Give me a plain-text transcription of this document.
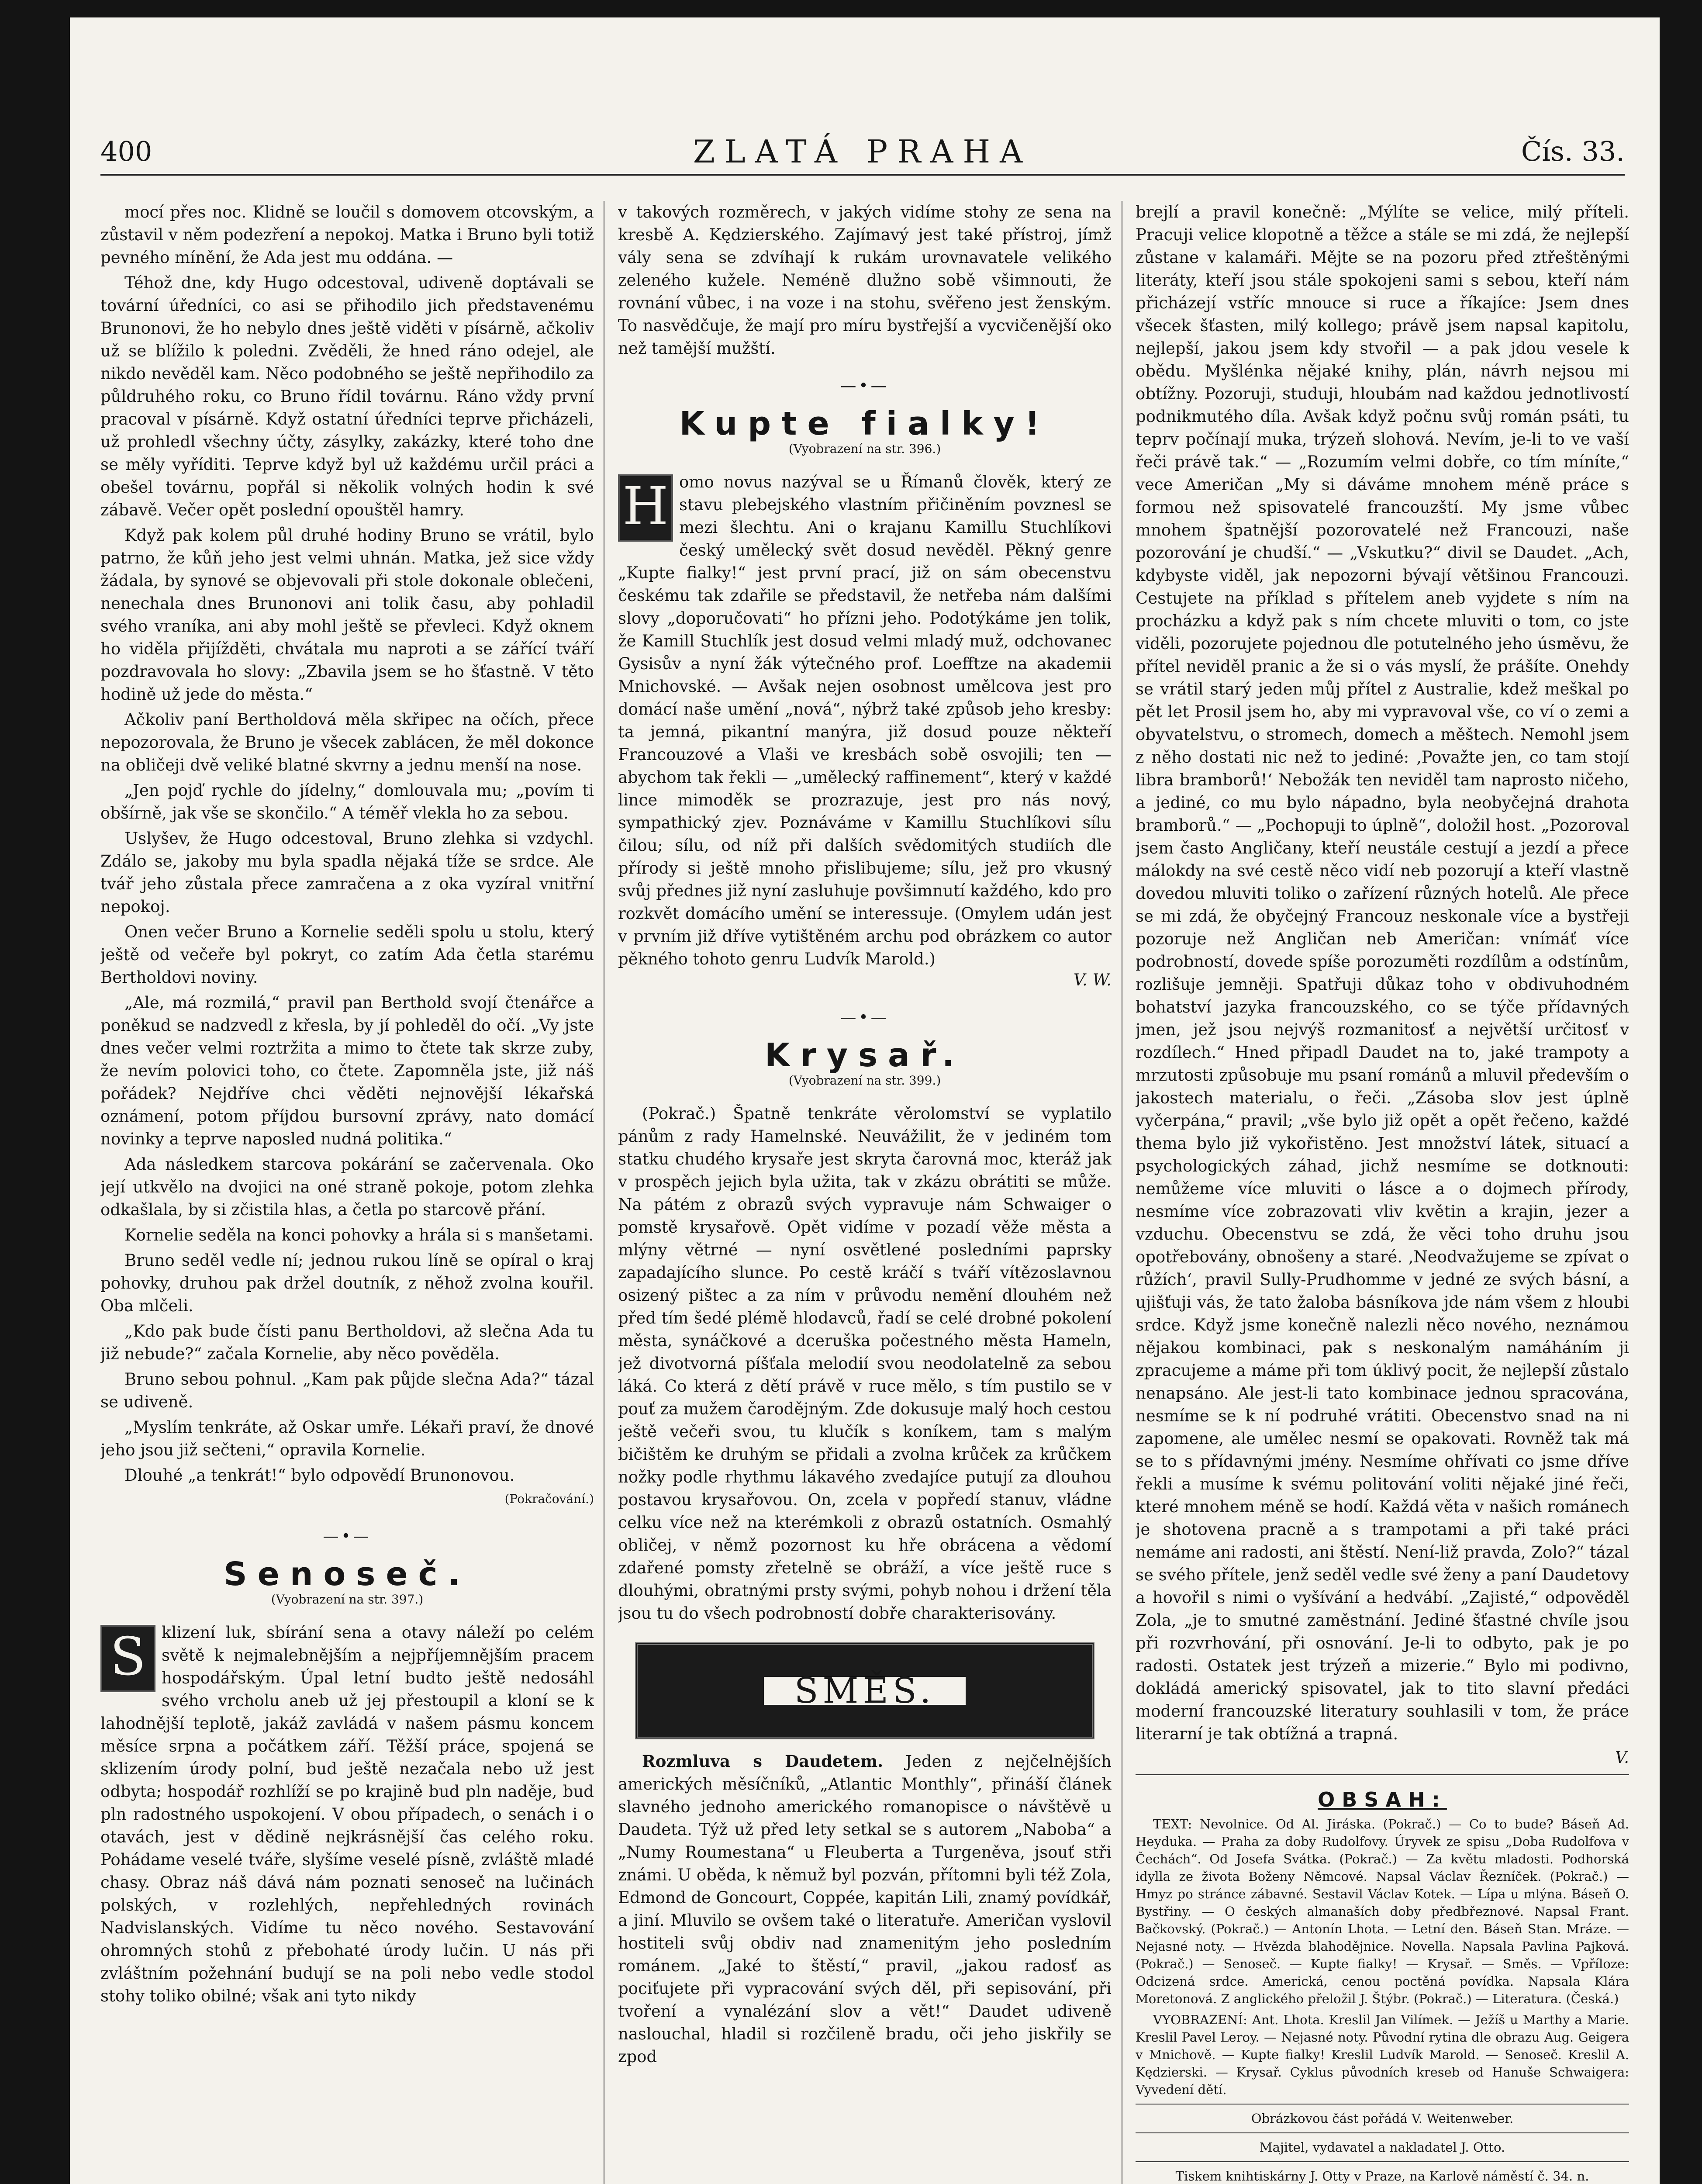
400	ZLATÁ PRAHA	Čís. 33.

mocí přes noc. Klidně se loučil s domovem otcovským, a zůstavil v něm podezření a nepokoj. Matka i Bruno byli totiž pevného mínění, že Ada jest mu oddána. —

Téhož dne, kdy Hugo odcestoval, udiveně doptávali se tovární úředníci, co asi se přihodilo jich představenému Brunonovi, že ho nebylo dnes ještě viděti v písárně, ačkoliv už se blížilo k poledni. Zvěděli, že hned ráno odejel, ale nikdo nevěděl kam. Něco podobného se ještě nepřihodilo za půldruhého roku, co Bruno řídil továrnu. Ráno vždy první pracoval v písárně. Když ostatní úředníci teprve přicházeli, už prohledl všechny účty, zásylky, zakázky, které toho dne se měly vyříditi. Teprve když byl už každému určil práci a obešel továrnu, popřál si několik volných hodin k své zábavě. Večer opět poslední opouštěl hamry.

Když pak kolem půl druhé hodiny Bruno se vrátil, bylo patrno, že kůň jeho jest velmi uhnán. Matka, jež sice vždy žádala, by synové se objevovali při stole dokonale oblečeni, nenechala dnes Brunonovi ani tolik času, aby pohladil svého vraníka, ani aby mohl ještě se převleci. Když oknem ho viděla přijížděti, chvátala mu naproti a se zářící tváří pozdravovala ho slovy: „Zbavila jsem se ho šťastně. V těto hodině už jede do města.“

Ačkoliv paní Bertholdová měla skřipec na očích, přece nepozorovala, že Bruno je všecek zablácen, že měl dokonce na obličeji dvě veliké blatné skvrny a jednu menší na nose.

„Jen pojď rychle do jídelny,“ domlouvala mu; „povím ti obšírně, jak vše se skončilo.“ A téměř vlekla ho za sebou.

Uslyšev, že Hugo odcestoval, Bruno zlehka si vzdychl. Zdálo se, jakoby mu byla spadla nějaká tíže se srdce. Ale tvář jeho zůstala přece zamračena a z oka vyzíral vnitřní nepokoj.

Onen večer Bruno a Kornelie seděli spolu u stolu, který ještě od večeře byl pokryt, co zatím Ada četla starému Bertholdovi noviny.

„Ale, má rozmilá,“ pravil pan Berthold svojí čtenářce a poněkud se nadzvedl z křesla, by jí pohleděl do očí. „Vy jste dnes večer velmi roztržita a mimo to čtete tak skrze zuby, že nevím polovici toho, co čtete. Zapomněla jste, již náš pořádek? Nejdříve chci věděti nejnovější lékařská oznámení, potom příjdou bursovní zprávy, nato domácí novinky a teprve naposled nudná politika.“

Ada následkem starcova pokárání se začervenala. Oko její utkvělo na dvojici na oné straně pokoje, potom zlehka odkašlala, by si zčistila hlas, a četla po starcově přání.

Kornelie seděla na konci pohovky a hrála si s manšetami.

Bruno seděl vedle ní; jednou rukou líně se opíral o kraj pohovky, druhou pak držel doutník, z něhož zvolna kouřil. Oba mlčeli.

„Kdo pak bude čísti panu Bertholdovi, až slečna Ada tu již nebude?“ začala Kornelie, aby něco pověděla.

Bruno sebou pohnul. „Kam pak půjde slečna Ada?“ tázal se udiveně.

„Myslím tenkráte, až Oskar umře. Lékaři praví, že dnové jeho jsou již sečteni,“ opravila Kornelie.

Dlouhé „a tenkrát!“ bylo odpovědí Brunonovou.

(Pokračování.)
—•—
Senoseč.
(Vyobrazení na str. 397.)
S klizení luk, sbírání sena a otavy náleží po celém světě k nejmalebnějším a nejpříjemnějším pracem hospodářským. Úpal letní budto ještě nedosáhl svého vrcholu aneb už jej přestoupil a kloní se k lahodnější teplotě, jakáž zavládá v našem pásmu koncem měsíce srpna a počátkem září. Těžší práce, spojená se sklizením úrody polní, bud ještě nezačala nebo už jest odbyta; hospodář rozhlíží se po krajině bud pln naděje, bud pln radostného uspokojení. V obou případech, o senách i o otavách, jest v dědině nejkrásnější čas celého roku. Pohádame veselé tváře, slyšíme veselé písně, zvláště mladé chasy. Obraz náš dává nám poznati senoseč na lučinách polských, v rozlehlých, nepřehledných rovinách Nadvislanských. Vidíme tu něco nového. Sestavování ohromných stohů z přebohaté úrody lučin. U nás při zvláštním požehnání budují se na poli nebo vedle stodol stohy toliko obilné; však ani tyto nikdy

v takových rozměrech, v jakých vidíme stohy ze sena na kresbě A. Kędzierského. Zajímavý jest také přístroj, jímž vály sena se zdvíhají k rukám urovnavatele velikého zeleného kužele. Neméně dlužno sobě všimnouti, že rovnání vůbec, i na voze i na stohu, svěřeno jest ženským. To nasvědčuje, že mají pro míru bystřejší a vycvičenější oko než tamější mužští.

—•—
Kupte fialky!
(Vyobrazení na str. 396.)
H omo novus nazýval se u Římanů člověk, který ze stavu plebejského vlastním přičiněním povznesl se mezi šlechtu. Ani o krajanu Kamillu Stuchlíkovi český umělecký svět dosud nevěděl. Pěkný genre „Kupte fialky!“ jest první prací, již on sám obecenstvu českému tak zdařile se představil, že netřeba nám dalšími slovy „doporučovati“ ho přízni jeho. Podotýkáme jen tolik, že Kamill Stuchlík jest dosud velmi mladý muž, odchovanec Gysisův a nyní žák výtečného prof. Loefftze na akademii Mnichovské. — Avšak nejen osobnost umělcova jest pro domácí naše umění „nová“, nýbrž také způsob jeho kresby: ta jemná, pikantní manýra, již dosud pouze někteří Francouzové a Vlaši ve kresbách sobě osvojili; ten — abychom tak řekli — „umělecký raffinement“, který v každé lince mimoděk se prozrazuje, jest pro nás nový, sympathický zjev. Poznáváme v Kamillu Stuchlíkovi sílu čilou; sílu, od níž při dalších svědomitých studiích dle přírody si ještě mnoho přislibujeme; sílu, jež pro vkusný svůj přednes již nyní zasluhuje povšimnutí každého, kdo pro rozkvět domácího umění se interessuje. (Omylem udán jest v prvním již dříve vytištěném archu pod obrázkem co autor pěkného tohoto genru Ludvík Marold.)
V. W.
—•—
Krysař.
(Vyobrazení na str. 399.)

(Pokrač.) Špatně tenkráte věrolomství se vyplatilo pánům z rady Hamelnské. Neuvážilit, že v jediném tom statku chudého krysaře jest skryta čarovná moc, kteráž jak v prospěch jejich byla užita, tak v zkázu obrátiti se může. Na pátém z obrazů svých vypravuje nám Schwaiger o pomstě krysařově. Opět vidíme v pozadí věže města a mlýny větrné — nyní osvětlené posledními paprsky zapadajícího slunce. Po cestě kráčí s tváří vítězoslavnou osizený pištec a za ním v průvodu nemění dlouhém než před tím šedé plémě hlodavců, řadí se celé drobné pokolení města, synáčkové a dceruška počestného města Hameln, jež divotvorná píšťala melodií svou neodolatelně za sebou láká. Co která z dětí právě v ruce mělo, s tím pustilo se v pouť za mužem čarodějným. Zde dokusuje malý hoch cestou ještě večeři svou, tu klučík s koníkem, tam s malým bičištěm ke druhým se přidali a zvolna krůček za krůčkem nožky podle rhythmu lákavého zvedajíce putují za dlouhou postavou krysařovou. On, zcela v popředí stanuv, vládne celku více než na kterémkoli z obrazů ostatních. Osmahlý obličej, v němž pozornost ku hře obrácena a vědomí zdařené pomsty zřetelně se obráží, a více ještě ruce s dlouhými, obratnými prsty svými, pohyb nohou i držení těla jsou tu do všech podrobností dobře charakterisovány.

SMĚS.

Rozmluva s Daudetem. Jeden z nejčelnějších amerických měsíčníků, „Atlantic Monthly“, přináší článek slavného jednoho amerického romanopisce o návštěvě u Daudeta. Týž už před lety setkal se s autorem „Naboba“ a „Numy Roumestana“ u Fleuberta a Turgeněva, jsouť stři známi. U oběda, k němuž byl pozván, přítomni byli též Zola, Edmond de Goncourt, Coppée, kapitán Lili, znamý povídkář, a jiní. Mluvilo se ovšem také o literatuře. Američan vyslovil hostiteli svůj obdiv nad znamenitým jeho posledním románem. „Jaké to štěstí,“ pravil, „jakou radosť as pociťujete při vypracování svých děl, při sepisování, při tvoření a vynalézání slov a vět!“ Daudet udiveně naslouchal, hladil si rozčileně bradu, oči jeho jiskřily se zpod

brejlí a pravil konečně: „Mýlíte se velice, milý příteli. Pracuji velice klopotně a těžce a stále se mi zdá, že nejlepší zůstane v kalamáři. Mějte se na pozoru před ztřeštěnými literáty, kteří jsou stále spokojeni sami s sebou, kteří nám přicházejí vstříc mnouce si ruce a říkajíce: Jsem dnes všecek šťasten, milý kollego; právě jsem napsal kapitolu, nejlepší, jakou jsem kdy stvořil — a pak jdou vesele k obědu. Myšlénka nějaké knihy, plán, návrh nejsou mi obtížny. Pozoruji, studuji, hloubám nad každou jednotlivostí podnikmutého díla. Avšak když počnu svůj román psáti, tu teprv počínají muka, trýzeň slohová. Nevím, je-li to ve vaší řeči právě tak.“ — „Rozumím velmi dobře, co tím míníte,“ vece Američan „My si dáváme mnohem méně práce s formou než spisovatelé francouzští. My jsme vůbec mnohem špatnější pozorovatelé než Francouzi, naše pozorování je chudší.“ — „Vskutku?“ divil se Daudet. „Ach, kdybyste viděl, jak nepozorni bývají většinou Francouzi. Cestujete na příklad s přítelem aneb vyjdete s ním na procházku a když pak s ním chcete mluviti o tom, co jste viděli, pozorujete pojednou dle potutelného jeho úsměvu, že přítel neviděl pranic a že si o vás myslí, že prášíte. Onehdy se vrátil starý jeden můj přítel z Australie, kdež meškal po pět let Prosil jsem ho, aby mi vypravoval vše, co ví o zemi a obyvatelstvu, o stromech, domech a měštech. Nemohl jsem z něho dostati nic než to jediné: ‚Považte jen, co tam stojí libra bramborů!‘ Nebožák ten neviděl tam naprosto ničeho, a jediné, co mu bylo nápadno, byla neobyčejná drahota bramborů.“ — „Pochopuji to úplně“, doložil host. „Pozoroval jsem často Angličany, kteří neustále cestují a jezdí a přece málokdy na své cestě něco vidí neb pozorují a kteří vlastně dovedou mluviti toliko o zařízení různých hotelů. Ale přece se mi zdá, že obyčejný Francouz neskonale více a bystřeji pozoruje než Angličan neb Američan: vnímáť více podrobností, dovede spíše porozuměti rozdílům a odstínům, rozlišuje jemněji. Spatřuji důkaz toho v obdivuhodném bohatství jazyka francouzského, co se týče přídavných jmen, jež jsou nejvýš rozmanitosť a největší určitosť v rozdílech.“ Hned připadl Daudet na to, jaké trampoty a mrzutosti způsobuje mu psaní románů a mluvil především o jakostech materialu, o řeči. „Zásoba slov jest úplně vyčerpána,“ pravil; „vše bylo již opět a opět řečeno, každé thema bylo již vykořistěno. Jest množství látek, situací a psychologických záhad, jichž nesmíme se dotknouti: nemůžeme více mluviti o lásce a o dojmech přírody, nesmíme více zobrazovati vliv květin a krajin, jezer a vzduchu. Obecenstvu se zdá, že věci toho druhu jsou opotřebovány, obnošeny a staré. ‚Neodvažujeme se zpívat o růžích‘, pravil Sully-Prudhomme v jedné ze svých básní, a ujišťuji vás, že tato žaloba básníkova jde nám všem z hloubi srdce. Když jsme konečně nalezli něco nového, neznámou nějakou kombinaci, pak s neskonalým namáháním ji zpracujeme a máme při tom úklivý pocit, že nejlepší zůstalo nenapsáno. Ale jest-li tato kombinace jednou spracována, nesmíme se k ní podruhé vrátiti. Obecenstvo snad na ni zapomene, ale umělec nesmí se opakovati. Rovněž tak má se to s přídavnými jmény. Nesmíme ohřívati co jsme dříve řekli a musíme k svému politování voliti nějaké jiné řeči, které mnohem méně se hodí. Každá věta v našich románech je shotovena pracně a s trampotami a při také práci nemáme ani radosti, ani štěstí. Není-liž pravda, Zolo?“ tázal se svého přítele, jenž seděl vedle své ženy a paní Daudetovy a hovořil s nimi o vyšívání a hedvábí. „Zajisté,“ odpověděl Zola, „je to smutné zaměstnání. Jediné šťastné chvíle jsou při rozvrhování, při osnování. Je-li to odbyto, pak je po radosti. Ostatek jest trýzeň a mizerie.“ Bylo mi podivno, dokládá americký spisovatel, jak to tito slavní předáci moderní francouzské literatury souhlasili v tom, že práce literarní je tak obtížná a trapná.

V.
OBSAH:

TEXT: Nevolnice. Od Al. Jiráska. (Pokrač.) — Co to bude? Báseň Ad. Heyduka. — Praha za doby Rudolfovy. Úryvek ze spisu „Doba Rudolfova v Čechách“. Od Josefa Svátka. (Pokrač.) — Za květu mladosti. Podhorská idylla ze života Boženy Němcové. Napsal Václav Řezníček. (Pokrač.) — Hmyz po stránce zábavné. Sestavil Václav Kotek. — Lípa u mlýna. Báseň O. Bystřiny. — O českých almanaších doby předbřeznové. Napsal Frant. Bačkovský. (Pokrač.) — Antonín Lhota. — Letní den. Báseň Stan. Mráze. — Nejasné noty. — Hvězda blahodějnice. Novella. Napsala Pavlina Pajková. (Pokrač.) — Senoseč. — Kupte fialky! — Krysař. — Směs. — Vpříloze: Odcizená srdce. Americká, cenou poctěná povídka. Napsala Klára Moretonová. Z anglického přeložil J. Štýbr. (Pokrač.) — Literatura. (Česká.)

VYOBRAZENÍ: Ant. Lhota. Kreslil Jan Vilímek. — Ježíš u Marthy a Marie. Kreslil Pavel Leroy. — Nejasné noty. Původní rytina dle obrazu Aug. Geigera v Mnichově. — Kupte fialky! Kreslil Ludvík Marold. — Senoseč. Kreslil A. Kędzierski. — Krysař. Cyklus původních kreseb od Hanuše Schwaigera: Vyvedení dětí.

Obrázkovou část pořádá V. Weitenweber.

Majitel, vydavatel a nakladatel J. Otto.

Tiskem knihtiskárny J. Otty v Praze, na Karlově náměstí č. 34. n.
